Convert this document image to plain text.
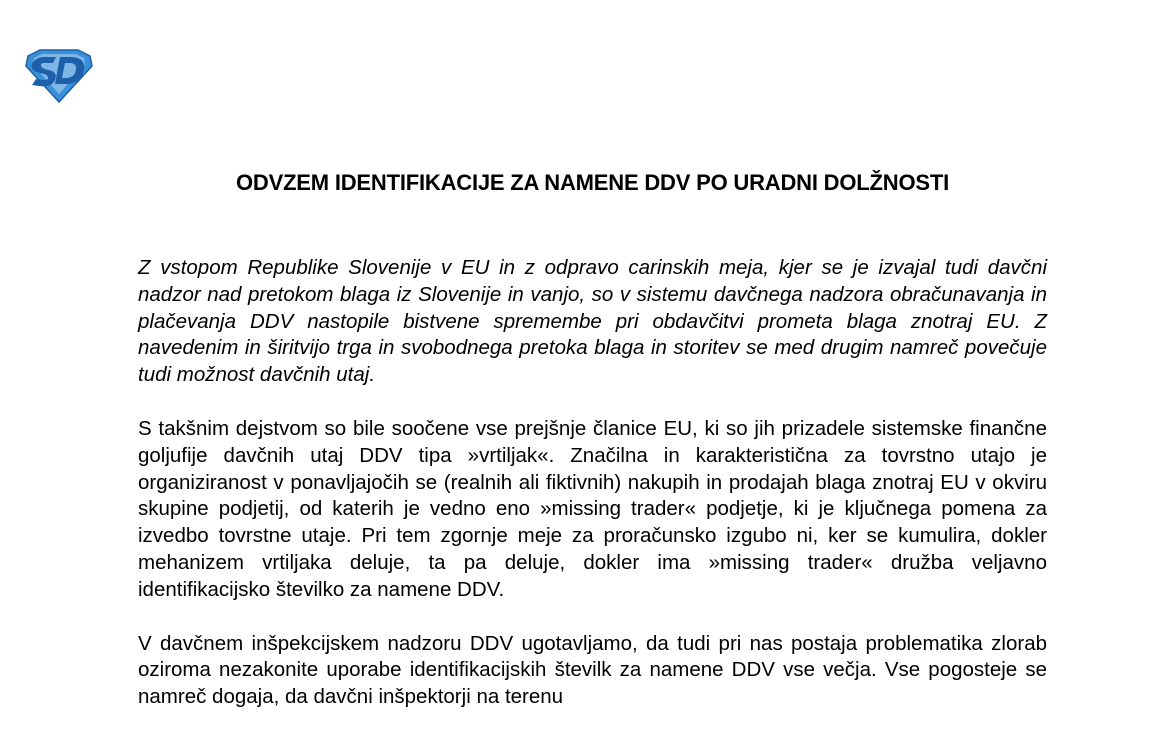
ODVZEM IDENTIFIKACIJE ZA NAMENE DDV PO URADNI DOLŽNOSTI

Z vstopom Republike Slovenije v EU in z odpravo carinskih meja, kjer se je izvajal tudi davčni nadzor nad pretokom blaga iz Slovenije in vanjo, so v sistemu davčnega nadzora obračunavanja in plačevanja DDV nastopile bistvene spremembe pri obdavčitvi prometa blaga znotraj EU. Z navedenim in širitvijo trga in svobodnega pretoka blaga in storitev se med drugim namreč povečuje tudi možnost davčnih utaj.

S takšnim dejstvom so bile soočene vse prejšnje članice EU, ki so jih prizadele sistemske finančne goljufije davčnih utaj DDV tipa »vrtiljak«. Značilna in karakteristična za tovrstno utajo je organiziranost v ponavljajočih se (realnih ali fiktivnih) nakupih in prodajah blaga znotraj EU v okviru skupine podjetij, od katerih je vedno eno »missing trader« podjetje, ki je ključnega pomena za izvedbo tovrstne utaje. Pri tem zgornje meje za proračunsko izgubo ni, ker se kumulira, dokler mehanizem vrtiljaka deluje, ta pa deluje, dokler ima »missing trader« družba veljavno identifikacijsko številko za namene DDV.

V davčnem inšpekcijskem nadzoru DDV ugotavljamo, da tudi pri nas postaja problematika zlorab oziroma nezakonite uporabe identifikacijskih številk za namene DDV vse večja. Vse pogosteje se namreč dogaja, da davčni inšpektorji na terenu
